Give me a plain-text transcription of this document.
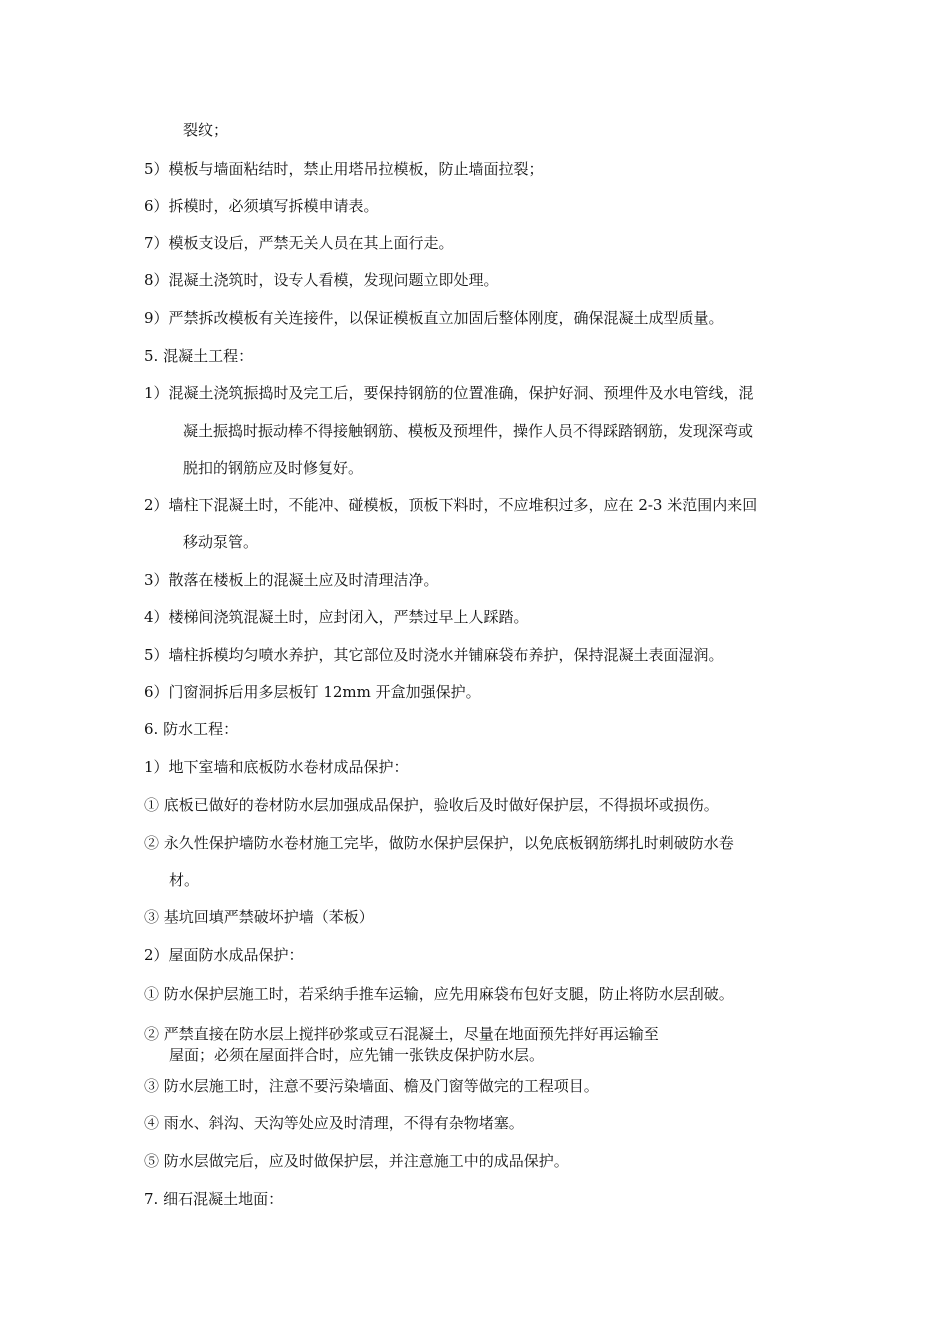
裂纹；
5）模板与墙面粘结时，禁止用塔吊拉模板，防止墙面拉裂；
6）拆模时，必须填写拆模申请表。
7）模板支设后，严禁无关人员在其上面行走。
8）混凝土浇筑时，设专人看模，发现问题立即处理。
9）严禁拆改模板有关连接件，以保证模板直立加固后整体刚度，确保混凝土成型质量。
5. 混凝土工程：
1）混凝土浇筑振捣时及完工后，要保持钢筋的位置准确，保护好洞、预埋件及水电管线，混
凝土振捣时振动棒不得接触钢筋、模板及预埋件，操作人员不得踩踏钢筋，发现深弯或
脱扣的钢筋应及时修复好。
2）墙柱下混凝土时，不能冲、碰模板，顶板下料时，不应堆积过多，应在 2-3 米范围内来回
移动泵管。
3）散落在楼板上的混凝土应及时清理洁净。
4）楼梯间浇筑混凝土时，应封闭入，严禁过早上人踩踏。
5）墙柱拆模均匀喷水养护，其它部位及时浇水并铺麻袋布养护，保持混凝土表面湿润。
6）门窗洞拆后用多层板钉 12mm 开盒加强保护。
6. 防水工程：
1）地下室墙和底板防水卷材成品保护：
① 底板已做好的卷材防水层加强成品保护，验收后及时做好保护层，不得损坏或损伤。
② 永久性保护墙防水卷材施工完毕，做防水保护层保护，以免底板钢筋绑扎时刺破防水卷
材。
③ 基坑回填严禁破坏护墙（苯板）
2）屋面防水成品保护：
① 防水保护层施工时，若采纳手推车运输，应先用麻袋布包好支腿，防止将防水层刮破。
② 严禁直接在防水层上搅拌砂浆或豆石混凝土，尽量在地面预先拌好再运输至
屋面；必须在屋面拌合时，应先铺一张铁皮保护防水层。
③ 防水层施工时，注意不要污染墙面、檐及门窗等做完的工程项目。
④ 雨水、斜沟、天沟等处应及时清理，不得有杂物堵塞。
⑤ 防水层做完后，应及时做保护层，并注意施工中的成品保护。
7. 细石混凝土地面：
